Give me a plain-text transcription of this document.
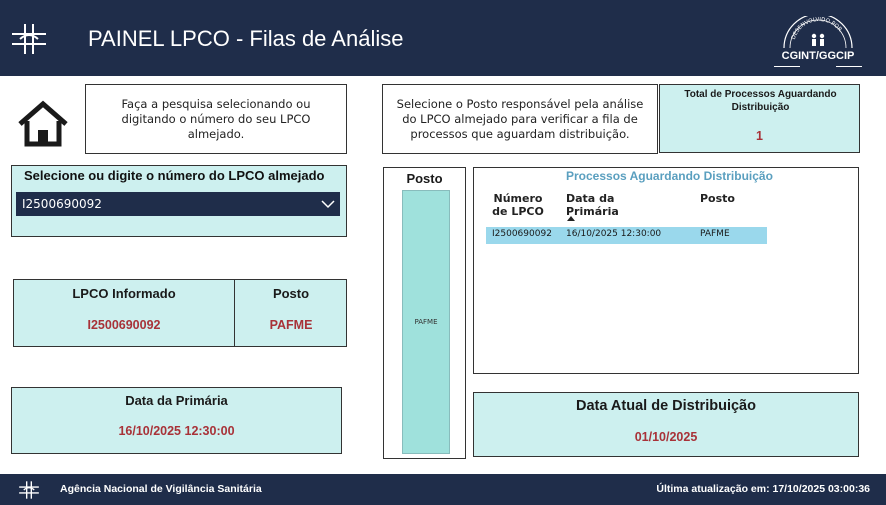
PAINEL LPCO - Filas de Análise	DESENVOLVIDO POR
CGINT/GGCIP
Faça a pesquisa selecionando ou digitando o número do seu LPCO almejado.
Selecione o Posto responsável pela análise do LPCO almejado para verificar a fila de processos que aguardam distribuição.
Total de Processos Aguardando Distribuição
1
Selecione ou digite o número do LPCO almejado
I2500690092
LPCO Informado
I2500690092
Posto
PAFME
Data da Primária
16/10/2025 12:30:00
Posto
PAFME
Processos Aguardando Distribuição
Número de LPCO
Data da Primária
Posto
I2500690092 16/10/2025 12:30:00	PAFME
Data Atual de Distribuição
01/10/2025
Agência Nacional de Vigilância Sanitária	Última atualização em: 17/10/2025 03:00:36
